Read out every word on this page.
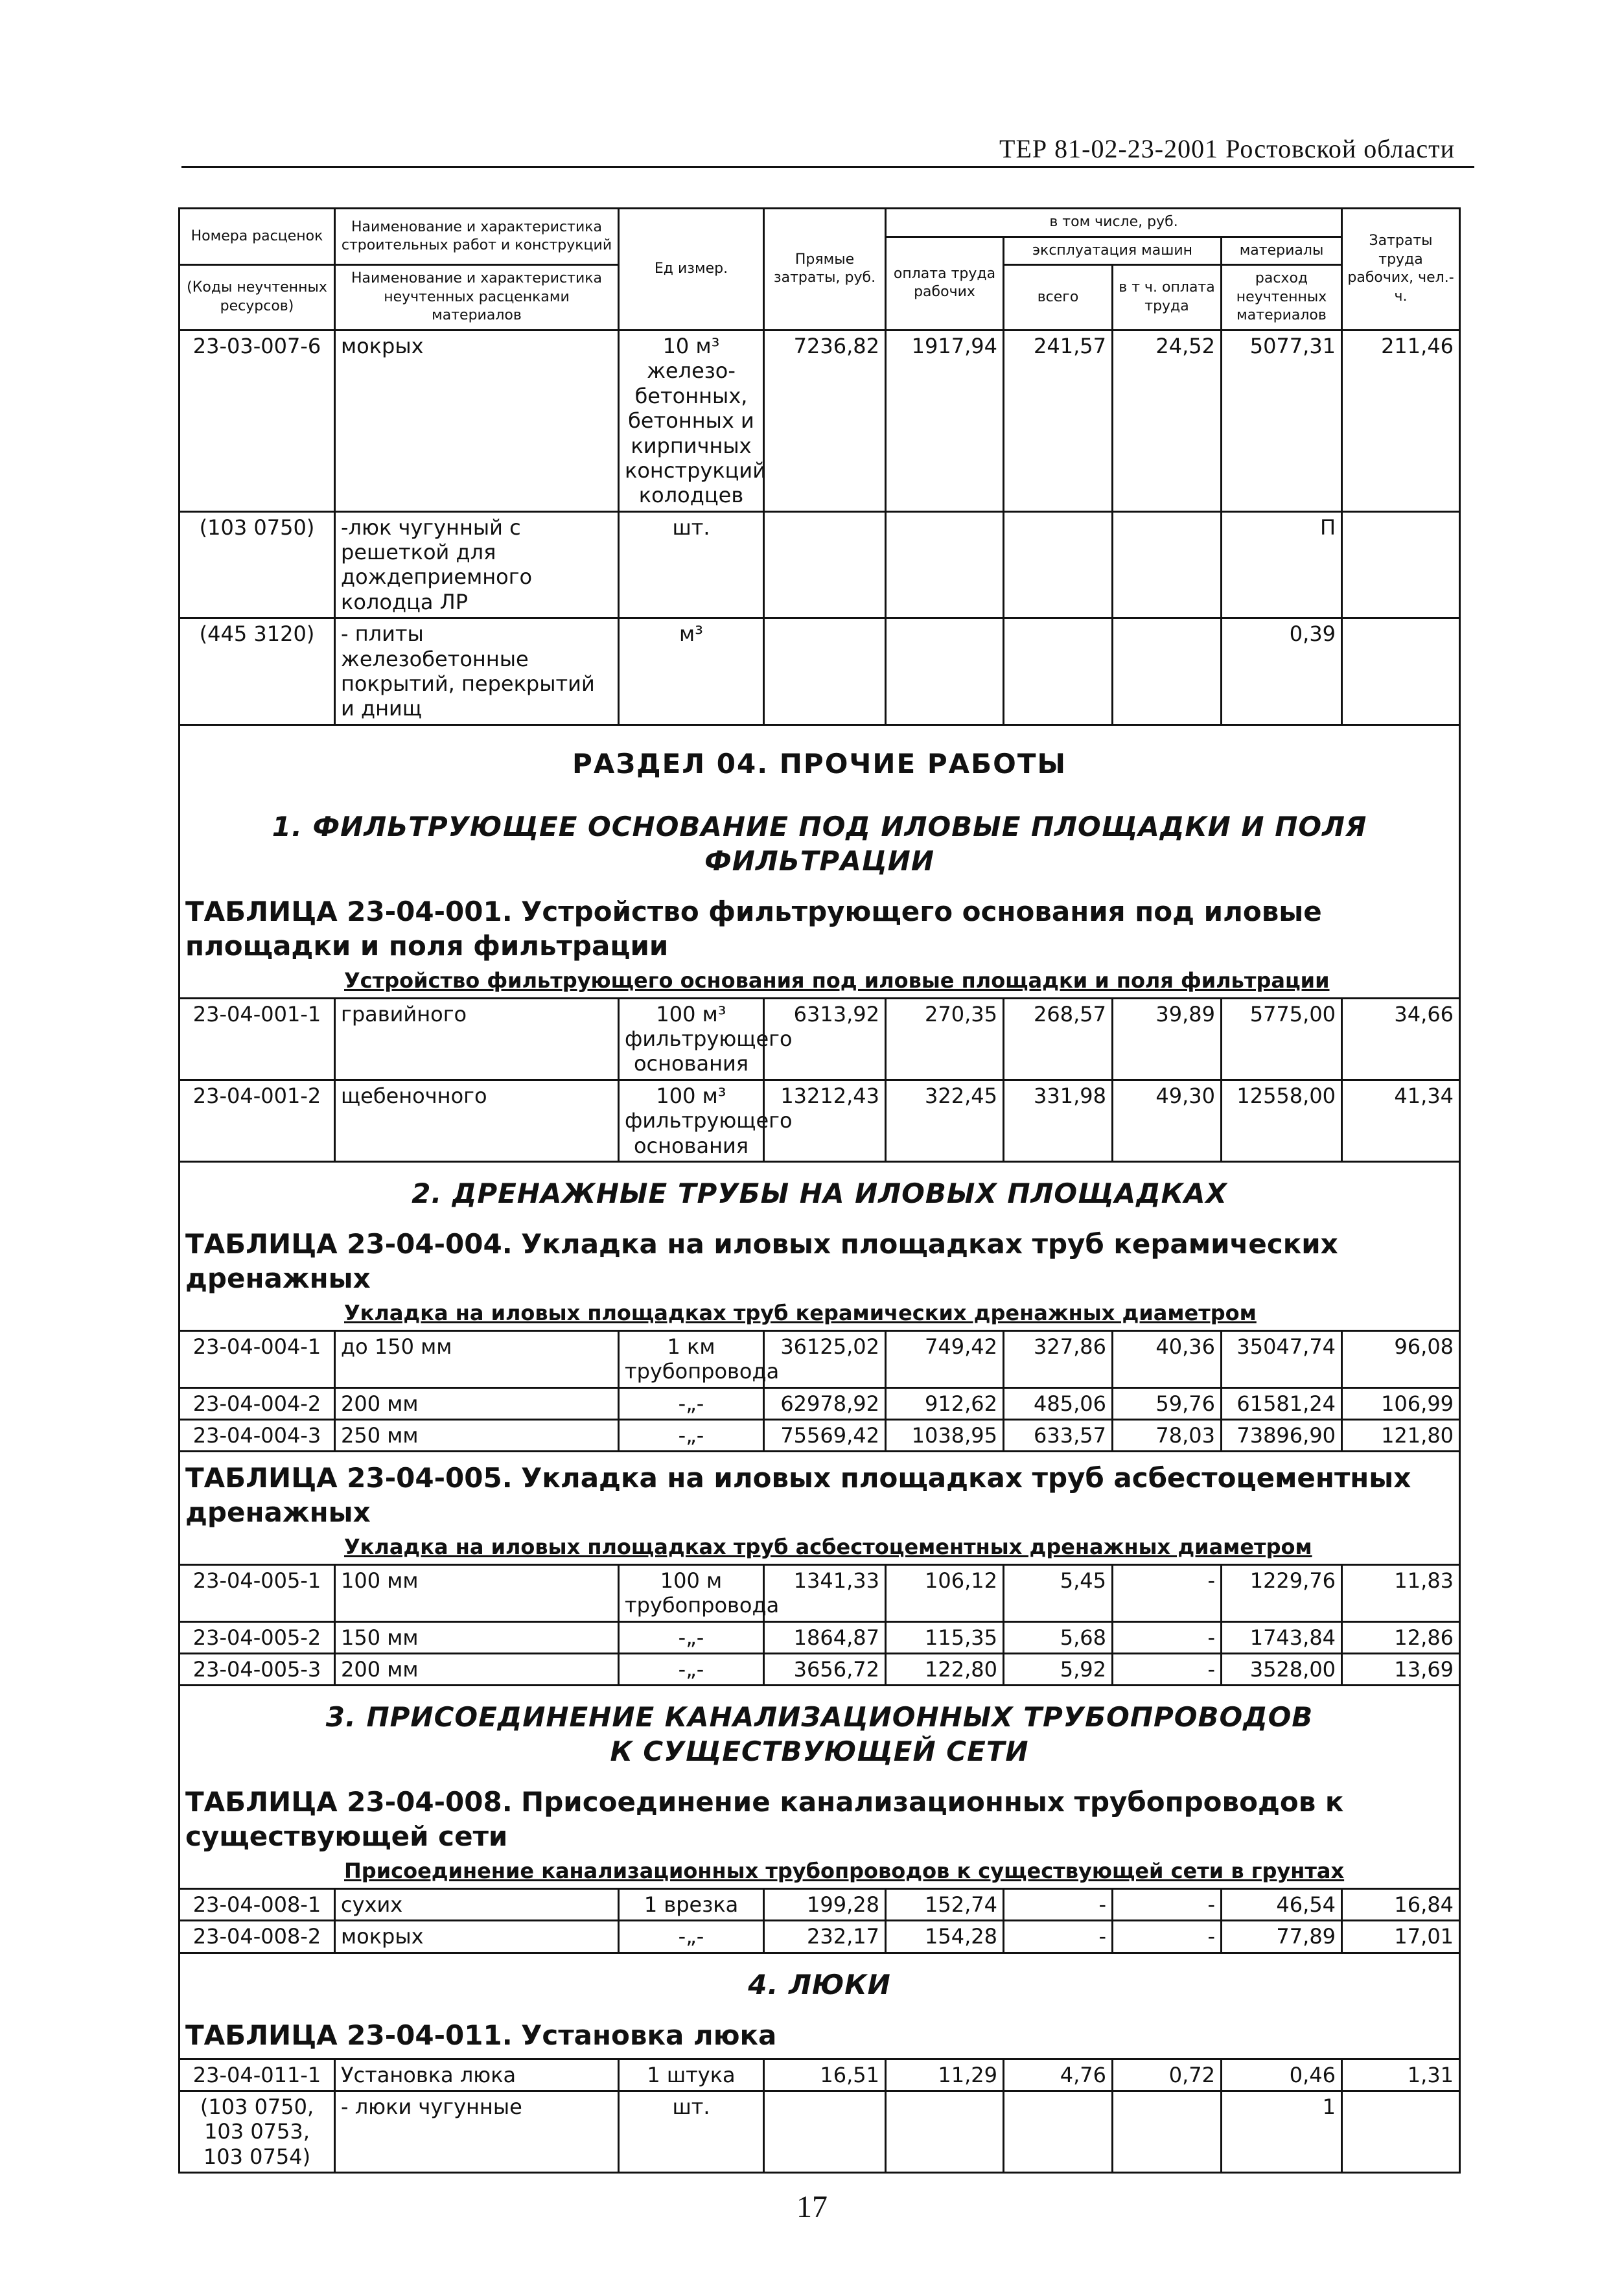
ТЕР 81-02-23-2001 Ростовской области
Номера расценок	Наименование и характеристика строительных работ и конструкций	Ед измер.	Прямые затраты, руб.	в том числе, руб.				Затраты труда рабочих, чел.-ч.
				оплата труда рабочих	эксплуатация машин		материалы	
(Коды неучтенных ресурсов)	Наименование и характеристика неучтенных расценками материалов				всего	в т ч. оплата труда	расход неучтенных материалов	

23-03-007-6	мокрых	10 м³ железо-бетонных, бетонных и кирпичных конструкций колодцев	7236,82	1917,94	241,57	24,52	5077,31	211,46
(103 0750)	-люк чугунный с решеткой для дождеприемного колодца ЛР	шт.					П	
(445 3120)	- плиты железобетонные покрытий, перекрытий и днищ	м³					0,39	

РАЗДЕЛ 04. ПРОЧИЕ РАБОТЫ
1. ФИЛЬТРУЮЩЕЕ ОСНОВАНИЕ ПОД ИЛОВЫЕ ПЛОЩАДКИ И ПОЛЯ ФИЛЬТРАЦИИ
ТАБЛИЦА 23-04-001. Устройство фильтрующего основания под иловые площадки и поля фильтрации
Устройство фильтрующего основания под иловые площадки и поля фильтрации								

23-04-001-1	гравийного	100 м³ фильтрующего основания	6313,92	270,35	268,57	39,89	5775,00	34,66
23-04-001-2	щебеночного	100 м³ фильтрующего основания	13212,43	322,45	331,98	49,30	12558,00	41,34

2. ДРЕНАЖНЫЕ ТРУБЫ НА ИЛОВЫХ ПЛОЩАДКАХ
ТАБЛИЦА 23-04-004. Укладка на иловых площадках труб керамических дренажных
Укладка на иловых площадках труб керамических дренажных диаметром								

23-04-004-1	до 150 мм	1 км трубопровода	36125,02	749,42	327,86	40,36	35047,74	96,08
23-04-004-2	200 мм	-„-	62978,92	912,62	485,06	59,76	61581,24	106,99
23-04-004-3	250 мм	-„-	75569,42	1038,95	633,57	78,03	73896,90	121,80

ТАБЛИЦА 23-04-005. Укладка на иловых площадках труб асбестоцементных дренажных
Укладка на иловых площадках труб асбестоцементных дренажных диаметром								

23-04-005-1	100 мм	100 м трубопровода	1341,33	106,12	5,45	-	1229,76	11,83
23-04-005-2	150 мм	-„-	1864,87	115,35	5,68	-	1743,84	12,86
23-04-005-3	200 мм	-„-	3656,72	122,80	5,92	-	3528,00	13,69

3. ПРИСОЕДИНЕНИЕ КАНАЛИЗАЦИОННЫХ ТРУБОПРОВОДОВ
К СУЩЕСТВУЮЩЕЙ СЕТИ
ТАБЛИЦА 23-04-008. Присоединение канализационных трубопроводов к существующей сети
Присоединение канализационных трубопроводов к существующей сети в грунтах								

23-04-008-1	сухих	1 врезка	199,28	152,74	-	-	46,54	16,84
23-04-008-2	мокрых	-„-	232,17	154,28	-	-	77,89	17,01

4. ЛЮКИ
ТАБЛИЦА 23-04-011. Установка люка								

23-04-011-1	Установка люка	1 штука	16,51	11,29	4,76	0,72	0,46	1,31
(103 0750, 103 0753, 103 0754)	- люки чугунные	шт.					1	
17
